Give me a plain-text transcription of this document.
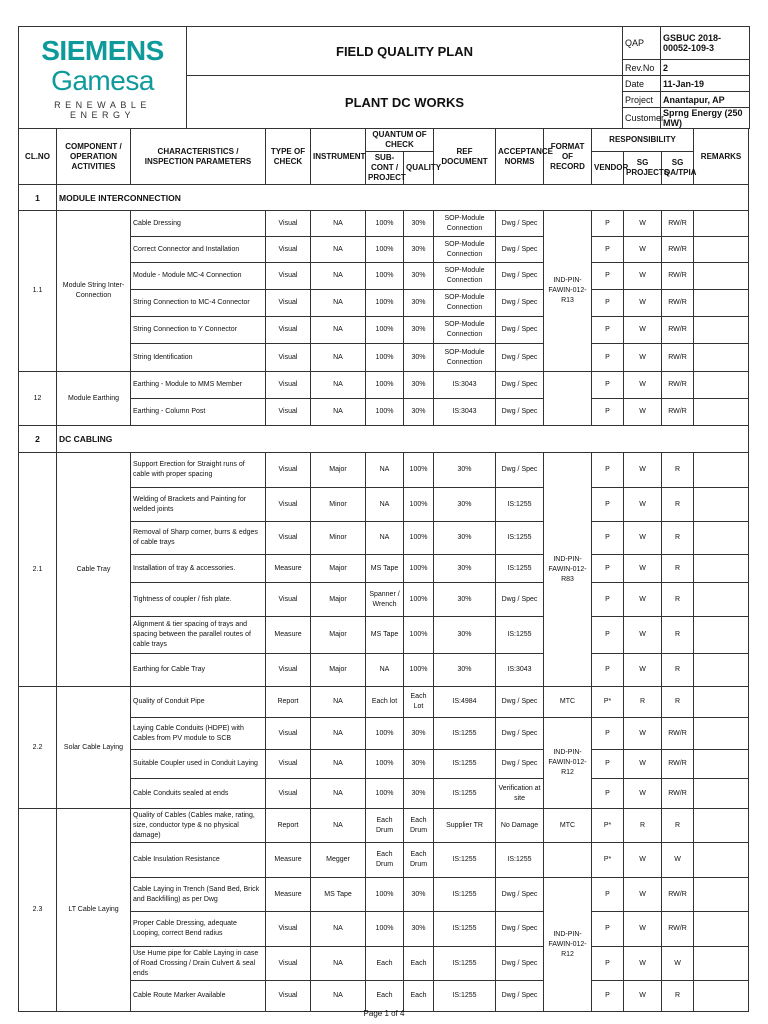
SIEMENS Gamesa
RENEWABLE ENERGY	FIELD QUALITY PLAN	QAP	GSBUC 2018-00052-109-3
		Rev.No	2
	PLANT DC WORKS	Date	11-Jan-19
		Project	Anantapur, AP
		Customer	Sprng Energy (250 MW)
CL.NO	COMPONENT / OPERATION ACTIVITIES	CHARACTERISTICS / INSPECTION PARAMETERS	TYPE OF CHECK	INSTRUMENT	QUANTUM OF CHECK		REF DOCUMENT	ACCEPTANCE NORMS	FORMAT OF RECORD	RESPONSIBILITY			REMARKS
					SUB-CONT / PROJECT	QUALITY				VENDOR	SG PROJECTS	SG QA/TPIA	
1	MODULE INTERCONNECTION												
1.1	Module String Inter-Connection	Cable Dressing	Visual	NA	100%	30%	SOP-Module Connection	Dwg / Spec	IND-PIN-FAWIN-012-R13	P	W	RW/R	
		Correct Connector and Installation	Visual	NA	100%	30%	SOP-Module Connection	Dwg / Spec		P	W	RW/R	
		Module - Module MC-4 Connection	Visual	NA	100%	30%	SOP-Module Connection	Dwg / Spec		P	W	RW/R	
		String Connection to MC-4 Connector	Visual	NA	100%	30%	SOP-Module Connection	Dwg / Spec		P	W	RW/R	
		String Connection to Y Connector	Visual	NA	100%	30%	SOP-Module Connection	Dwg / Spec		P	W	RW/R	
		String Identification	Visual	NA	100%	30%	SOP-Module Connection	Dwg / Spec		P	W	RW/R	
12	Module Earthing	Earthing - Module to MMS Member	Visual	NA	100%	30%	IS:3043	Dwg / Spec		P	W	RW/R	
		Earthing - Column Post	Visual	NA	100%	30%	IS:3043	Dwg / Spec		P	W	RW/R	
2	DC CABLING												
2.1	Cable Tray	Support Erection for Straight runs of cable with proper spacing	Visual	Major	NA	100%	30%	Dwg / Spec	IND-PIN-FAWIN-012-R83	P	W	R	
		Welding of Brackets and Painting for welded joints	Visual	Minor	NA	100%	30%	IS:1255		P	W	R	
		Removal of Sharp corner, burrs & edges of cable trays	Visual	Minor	NA	100%	30%	IS:1255		P	W	R	
		Installation of tray & accessories.	Measure	Major	MS Tape	100%	30%	IS:1255		P	W	R	
		Tightness of coupler / fish plate.	Visual	Major	Spanner / Wrench	100%	30%	Dwg / Spec		P	W	R	
		Alignment & tier spacing of trays and spacing between the parallel routes of cable trays	Measure	Major	MS Tape	100%	30%	IS:1255		P	W	R	
		Earthing for Cable Tray	Visual	Major	NA	100%	30%	IS:3043		P	W	R	
2.2	Solar Cable Laying	Quality of Conduit Pipe	Report	NA	Each lot	Each Lot	IS:4984	Dwg / Spec	MTC	P*	R	R	
		Laying Cable Conduits (HDPE) with Cables from PV module to SCB	Visual	NA	100%	30%	IS:1255	Dwg / Spec	IND-PIN-FAWIN-012-R12	P	W	RW/R	
		Suitable Coupler used in Conduit Laying	Visual	NA	100%	30%	IS:1255	Dwg / Spec		P	W	RW/R	
		Cable Conduits sealed at ends	Visual	NA	100%	30%	IS:1255	Verification at site		P	W	RW/R	
2.3	LT Cable Laying	Quality of Cables (Cables make, rating, size, conductor type & no physical damage)	Report	NA	Each Drum	Each Drum	Supplier TR	No Damage	MTC	P*	R	R	
		Cable Insulation Resistance	Measure	Megger	Each Drum	Each Drum	IS:1255	IS:1255		P*	W	W	
		Cable Laying in Trench (Sand Bed, Brick and Backfilling) as per Dwg	Measure	MS Tape	100%	30%	IS:1255	Dwg / Spec	IND-PIN-FAWIN-012-R12	P	W	RW/R	
		Proper Cable Dressing, adequate Looping, correct Bend radius	Visual	NA	100%	30%	IS:1255	Dwg / Spec		P	W	RW/R	
		Use Hume pipe for Cable Laying in case of Road Crossing / Drain Culvert & seal ends	Visual	NA	Each	Each	IS:1255	Dwg / Spec		P	W	W	
		Cable Route Marker Available	Visual	NA	Each	Each	IS:1255	Dwg / Spec		P	W	R	
Page 1 of 4
